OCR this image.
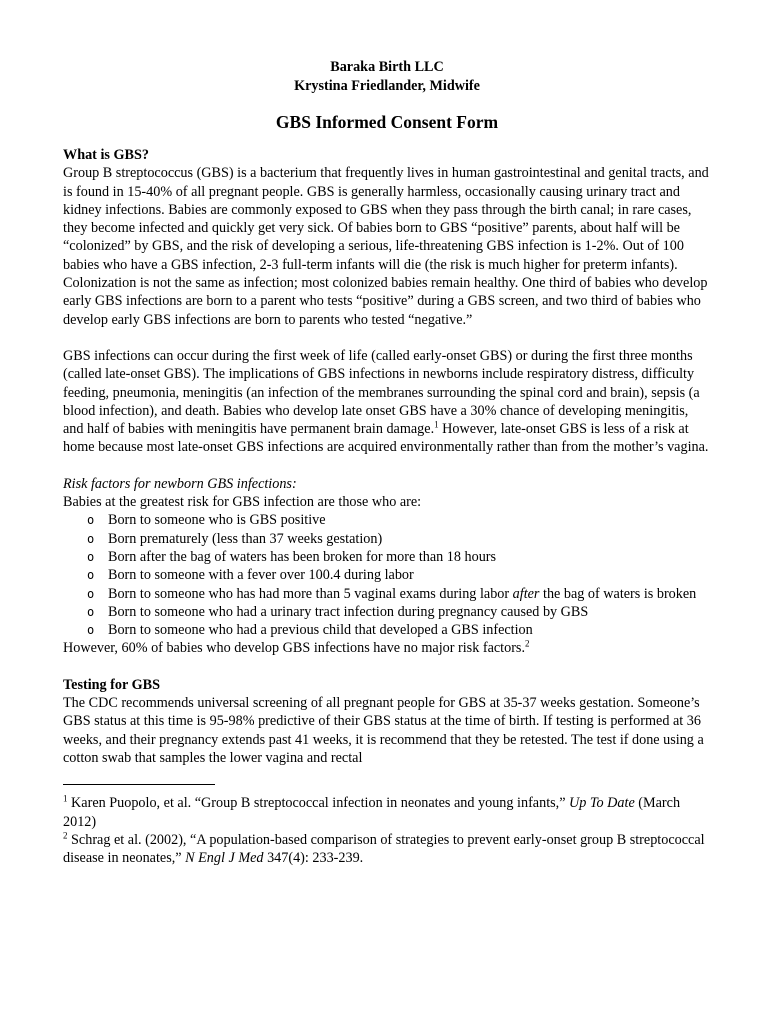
Baraka Birth LLC
Krystina Friedlander, Midwife
GBS Informed Consent Form
What is GBS?

Group B streptococcus (GBS) is a bacterium that frequently lives in human gastrointestinal and genital tracts, and is found in 15-40% of all pregnant people. GBS is generally harmless, occasionally causing urinary tract and kidney infections. Babies are commonly exposed to GBS when they pass through the birth canal; in rare cases, they become infected and quickly get very sick. Of babies born to GBS “positive” parents, about half will be “colonized” by GBS, and the risk of developing a serious, life-threatening GBS infection is 1-2%. Out of 100 babies who have a GBS infection, 2-3 full-term infants will die (the risk is much higher for preterm infants). Colonization is not the same as infection; most colonized babies remain healthy. One third of babies who develop early GBS infections are born to a parent who tests “positive” during a GBS screen, and two third of babies who develop early GBS infections are born to parents who tested “negative.”

GBS infections can occur during the first week of life (called early-onset GBS) or during the first three months (called late-onset GBS). The implications of GBS infections in newborns include respiratory distress, difficulty feeding, pneumonia, meningitis (an infection of the membranes surrounding the spinal cord and brain), sepsis (a blood infection), and death. Babies who develop late onset GBS have a 30% chance of developing meningitis, and half of babies with meningitis have permanent brain damage.$^1$ However, late-onset GBS is less of a risk at home because most late-onset GBS infections are acquired environmentally rather than from the mother’s vagina.

Risk factors for newborn GBS infections:

Babies at the greatest risk for GBS infection are those who are:

o Born to someone who is GBS positive
o Born prematurely (less than 37 weeks gestation)
o Born after the bag of waters has been broken for more than 18 hours
o Born to someone with a fever over 100.4 during labor
o Born to someone who has had more than 5 vaginal exams during labor after the bag of waters is broken
o Born to someone who had a urinary tract infection during pregnancy caused by GBS
o Born to someone who had a previous child that developed a GBS infection

However, 60% of babies who develop GBS infections have no major risk factors.$^2$

Testing for GBS

The CDC recommends universal screening of all pregnant people for GBS at 35-37 weeks gestation. Someone’s GBS status at this time is 95-98% predictive of their GBS status at the time of birth. If testing is performed at 36 weeks, and their pregnancy extends past 41 weeks, it is recommend that they be retested. The test if done using a cotton swab that samples the lower vagina and rectal

$^1$ Karen Puopolo, et al. “Group B streptococcal infection in neonates and young infants,” Up To Date (March 2012)

$^2$ Schrag et al. (2002), “A population-based comparison of strategies to prevent early-onset group B streptococcal disease in neonates,” N Engl J Med 347(4): 233-239.
